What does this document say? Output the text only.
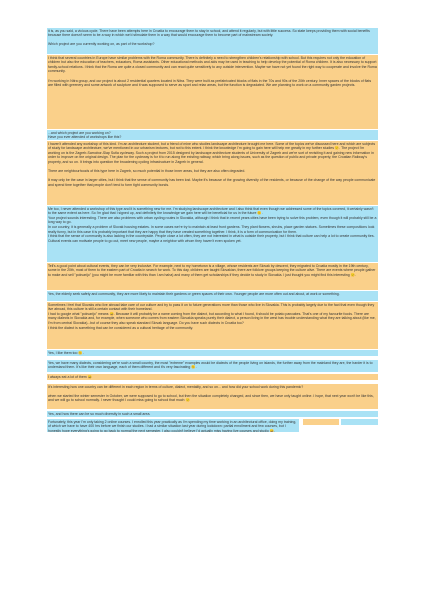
it is, as you said, a vicious cycle. There have been attempts here in Croatia to encourage them to stay in school, and attend it regularly, but with little success. So state keeps providing them with social benefits because there doesn't seem to be a way in which we'd stimulate them in a way that would encourage them to become part of mainstream society.

Which project are you currently working on, as part of the workshop?
I think that several countries in Europe have similar problems with the Roma community. There is definitely a need to strengthen children's relationship with school. But this requires not only the education of children but also the education of teachers, educators, Roma assistants. Other educational methods and aids may be used in teaching to help develop the potential of Roma children. It is also necessary to support family-school relations. I think that the Roma are quite a closed community and can react quite sensitively to any outside intervention. Maybe we have not yet found the right way to cooperate and involve the Roma community.

I'm working in Nitra group, and our project is about 2 residential quarters located in Nitra. They were built as prefabricated blocks of flats in the 70s and 90s of the 20th century. Inner spaces of the blocks of flats are filled with greenery and some artwork of sculpture and it was supposed to serve as sport and relax areas, but the function is degradated. We are planning to work on a community garden projects.
...and which project are you working on?
Have you ever attended of workshops like this?
I haven't attended any workshop of this kind. I'm an architecture student, but a friend of mine who studies landscape architecture brought me here. Some of the topics we've discussed here and which are subjects of study for landscape architecture, we've mentioned in our urbanism lectures, but not to this extent. I think the knowledge I'm going to gain here will help me greatly in my further studies 🙂. The project I'm working on is the Zagreb-Samobor-Slap Sutla cycleway. Such a project from 2015 designed by landscape architecture students of University of Zagreb and we're sort of revisiting it and gaining new information in order to improve on the original design. The plan for the cycleway is for it to run along the existing railway, which bring along issues, such as the question of public and private property, the Croatian Railway's property, and so on. It brings into question the broadening cycling infrastructure in Zagreb in general.

There are neighbourhoods of this type here in Zagreb, so much potential in those inner areas, but they are also often degraded.

It may only be the case in larger cities, but I think that the sense of community has been lost. Maybe it's because of the growing diversity of the residents, or because of the change of the way people communicate and spend time together that people don't tend to form tight community bonds.
Me too, I never attended a workshop of this type and it is something new for me. I'm studying landscape architecture and I also think that even though we addressed some of the topics covered, it certainly wasn't to the same extent as here. So I'm glad that I signed up, and definitely the knowledge we gain here will be beneficial for us in the future 🙂.
Your project sounds interesting. There are also problems with urban cycling routes in Slovakia, although I think that in recent years cities have been trying to solve this problem, even though it will probably still be a long way to go.
In our country, it is generally a problem of Slovak housing estates. In some cases we're try to maintain at least front gardens. They plant flowers, shrubs, place garden statues. Sometimes these compositions look really funny, but in this case it is probably important that they are happy that they have created something together. I think, it is a form of communication for them.
I think that the sense of community is also lacking in the countryside. People close a lot often, they are not interested in what is outside their property, but I think that culture can help a lot to create community ties. Cultural events can motivate people to go out, meet new people, maybe a neighbor with whom they haven't even spoken yet.
Tell's a good point about cultural events, they can be very inclusive. For example, next to my hometown is a village, whose residents are Slovak by descent, they migrated to Croatia mostly in the 19th century, some in the 20th, most of them to the eastern part of Croatia in search for work. To this day, children are taught Slovakian, there are folklore groups keeping the culture alive. There are events where people gather to make and sell "pokvarijo" (you might be more familiar with this than I am haha) and many of them get scholarships if they decide to study in Slovakia. I just thought you might find this interesting 🙂.
Yes, the elderly seek safety and community, they are more likely to maintain their gardens or green spaces of their own. Younger people are more often out and about, at work or something.
Sometimes I feel that Slovaks who live abroad take care of our culture and try to pass it on to future generations more than those who live in Slovakia. This is probably largely due to the fact that even though they live abroad, this culture is still a certain contact with their homeland.
I had to google what "pokvarijo" means 😄. Because it will probably be a name coming from the dialect, but according to what I found, it should be potato pancakes. That's one of my favourite foods. There are many dialects in Slovakia and, for example, when someone who comes from eastern Slovakia speaks purely their dialect, a person living in the west has trouble understanding what they are talking about (like me, I'm from central Slovakia)...but of course they also speak standard Slovak language. Do you have such dialects in Croatia too?
I think the dialect is something that can be considered as a cultural heritage of the community.
Yes, I like them too 🙂.
Yes, we have many dialects, considering we're such a small country, the most "extreme" examples would be dialects of the people living on islands, the further away from the mainland they are, the harder it is to understand them. It's like their own language, each of them different and it's very fascinating 🙂.
I always eat a lot of them 😄
It's interesting how one country can be different in each region in terms of culture, dialect, mentality, and so on... and how did your school work during this pandemic?

when we started the winter semester in October, we were supposed to go to school, but then the situation completely changed, and since then, we have only taught online. I hope, that next year won't be like this, and we will go to school normally. I never thought I could miss going to school that much 🙂
Yes, and how there can be so much diversity in such a small area.
Fortunately, this year I'm only taking 2 online courses. I enrolled this year practically as I'm spending my time working in an architectural office, doing my training, of which we have to have 400 hrs before we finish our studies. I had a similar situation last year during lockdown: partial enrollment and few courses, but I honestly hope everything's going to go back to normal the next semester, I also couldn't believe I'd actually miss having live courses and studio 😄.
